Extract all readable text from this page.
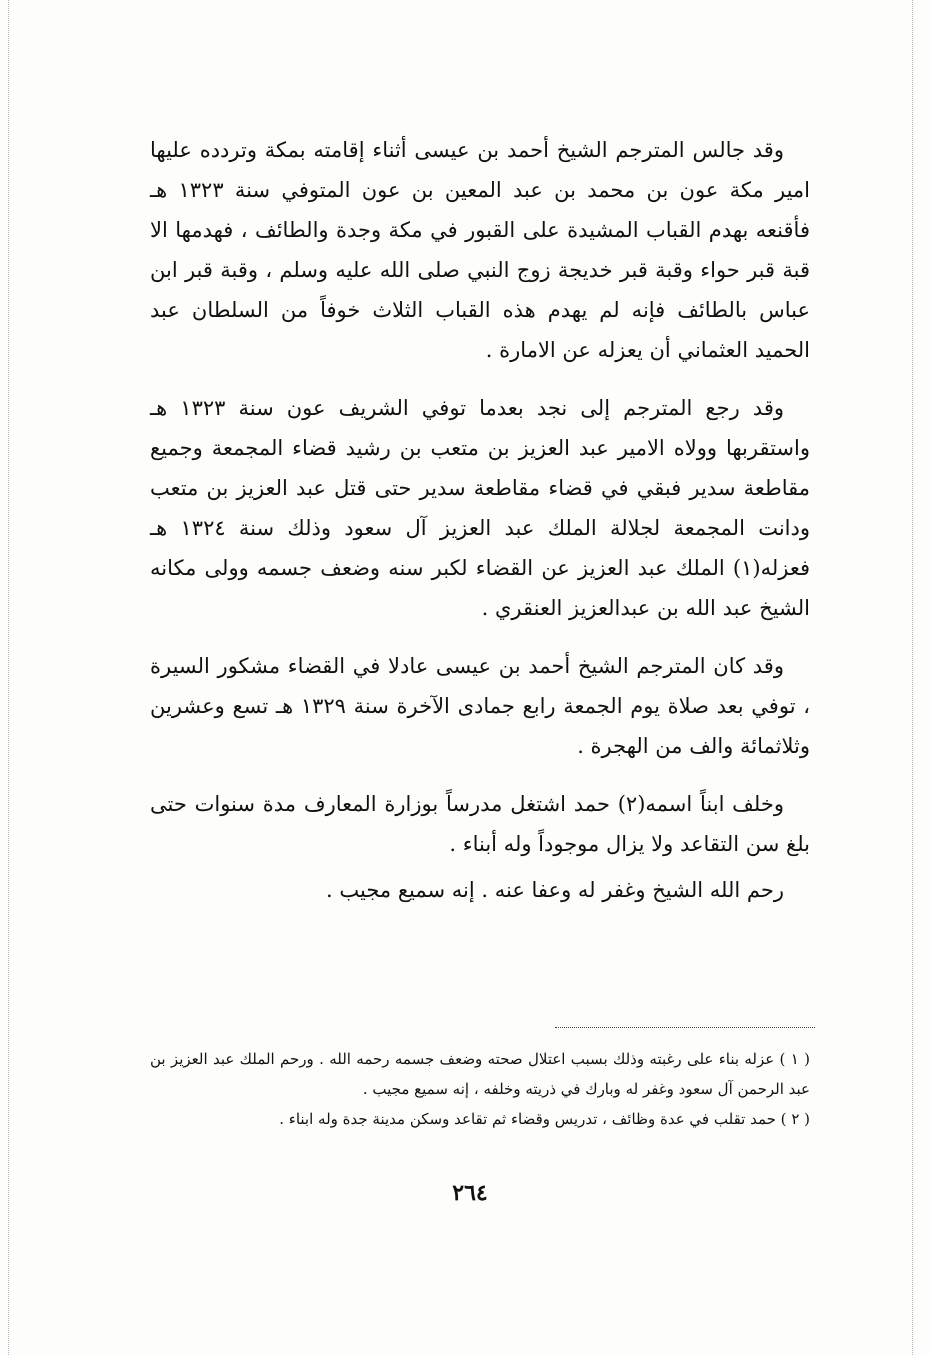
وقد جالس المترجم الشيخ أحمد بن عيسى أثناء إقامته بمكة وتردده عليها امير مكة عون بن محمد بن عبد المعين بن عون المتوفي سنة ١٣٢٣ هـ فأقنعه بهدم القباب المشيدة على القبور في مكة وجدة والطائف ، فهدمها الا قبة قبر حواء وقبة قبر خديجة زوج النبي صلى الله عليه وسلم ، وقبة قبر ابن عباس بالطائف فإنه لم يهدم هذه القباب الثلاث خوفاً من السلطان عبد الحميد العثماني أن يعزله عن الامارة .

وقد رجع المترجم إلى نجد بعدما توفي الشريف عون سنة ١٣٢٣ هـ واستقربها وولاه الامير عبد العزيز بن متعب بن رشيد قضاء المجمعة وجميع مقاطعة سدير فبقي في قضاء مقاطعة سدير حتى قتل عبد العزيز بن متعب ودانت المجمعة لجلالة الملك عبد العزيز آل سعود وذلك سنة ١٣٢٤ هـ فعزله(١) الملك عبد العزيز عن القضاء لكبر سنه وضعف جسمه وولى مكانه الشيخ عبد الله بن عبدالعزيز العنقري .

وقد كان المترجم الشيخ أحمد بن عيسى عادلا في القضاء مشكور السيرة ، توفي بعد صلاة يوم الجمعة رابع جمادى الآخرة سنة ١٣٢٩ هـ تسع وعشرين وثلاثمائة والف من الهجرة .

وخلف ابناً اسمه(٢) حمد اشتغل مدرساً بوزارة المعارف مدة سنوات حتى بلغ سن التقاعد ولا يزال موجوداً وله أبناء .

رحم الله الشيخ وغفر له وعفا عنه . إنه سميع مجيب .

( ١ ) عزله بناء على رغبته وذلك بسبب اعتلال صحته وضعف جسمه رحمه الله . ورحم الملك عبد العزيز بن عبد الرحمن آل سعود وغفر له وبارك في ذريته وخلفه ، إنه سميع مجيب .

( ٢ ) حمد تقلب في عدة وظائف ، تدريس وقضاء ثم تقاعد وسكن مدينة جدة وله ابناء .

٢٦٤
